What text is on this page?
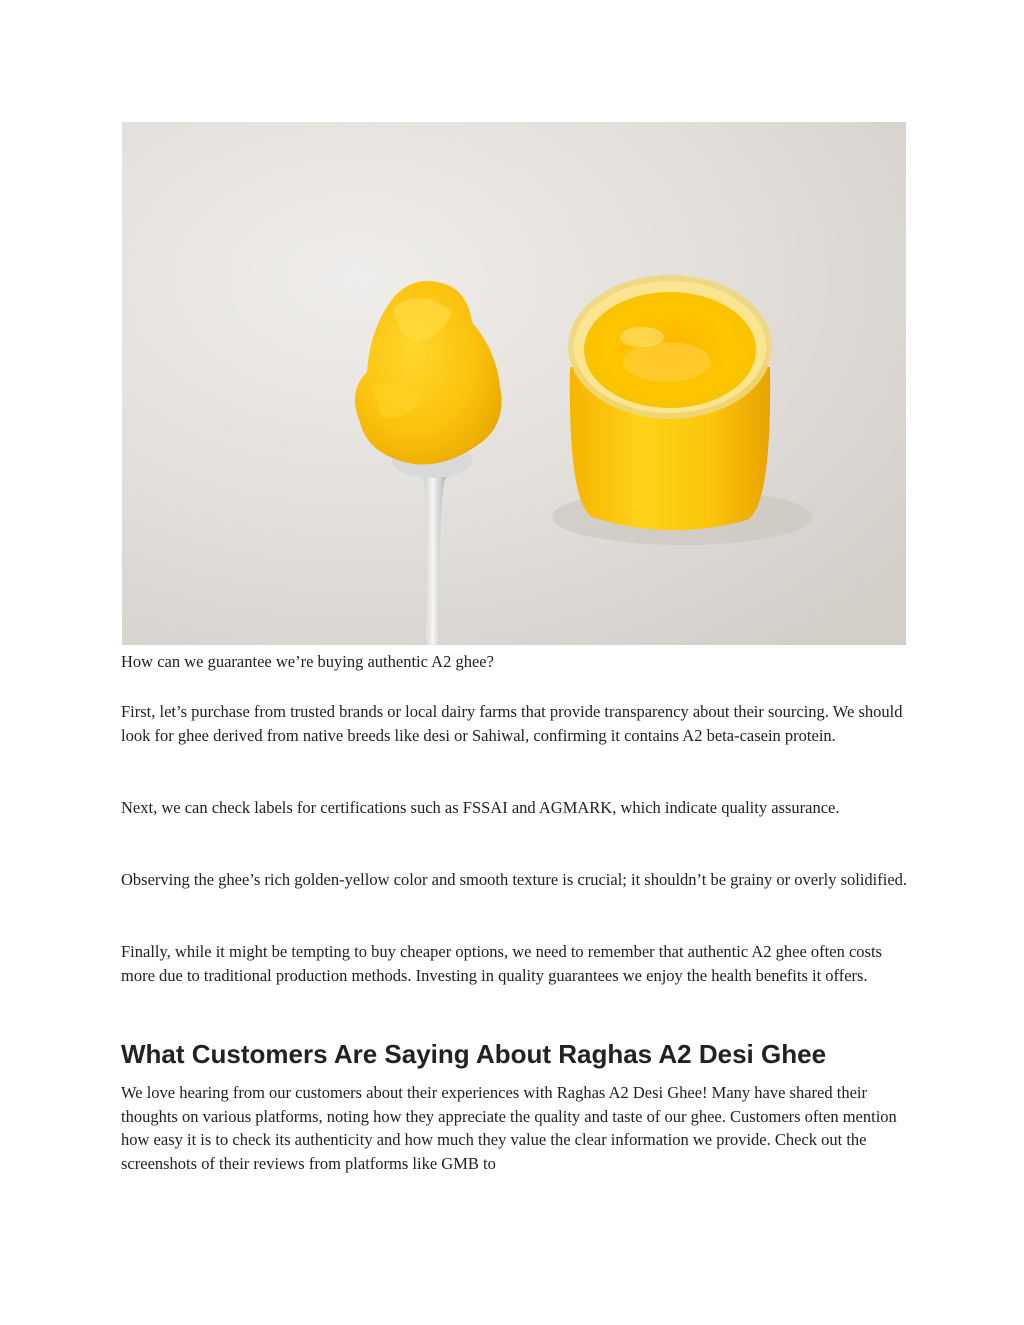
How can we guarantee we’re buying authentic A2 ghee?

First, let’s purchase from trusted brands or local dairy farms that provide transparency about their sourcing. We should look for ghee derived from native breeds like desi or Sahiwal, confirming it contains A2 beta-casein protein.

Next, we can check labels for certifications such as FSSAI and AGMARK, which indicate quality assurance.

Observing the ghee’s rich golden-yellow color and smooth texture is crucial; it shouldn’t be grainy or overly solidified.

Finally, while it might be tempting to buy cheaper options, we need to remember that authentic A2 ghee often costs more due to traditional production methods. Investing in quality guarantees we enjoy the health benefits it offers.

What Customers Are Saying About Raghas A2 Desi Ghee

We love hearing from our customers about their experiences with Raghas A2 Desi Ghee! Many have shared their thoughts on various platforms, noting how they appreciate the quality and taste of our ghee. Customers often mention how easy it is to check its authenticity and how much they value the clear information we provide. Check out the screenshots of their reviews from platforms like GMB to
